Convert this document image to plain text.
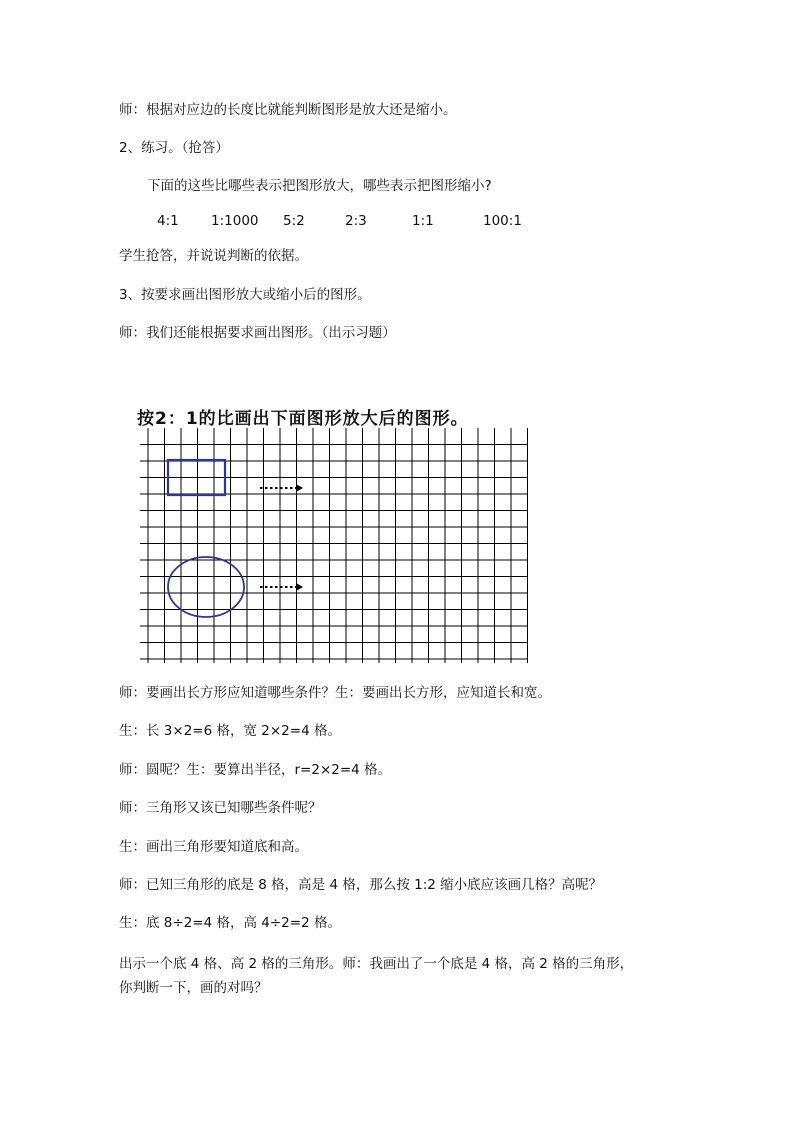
师：根据对应边的长度比就能判断图形是放大还是缩小。
2、练习。（抢答）
下面的这些比哪些表示把图形放大，哪些表示把图形缩小?
4:1 1:1000 5:2	2:3	1:1	100:1
学生抢答，并说说判断的依据。
3、按要求画出图形放大或缩小后的图形。
师：我们还能根据要求画出图形。（出示习题）
按2：1的比画出下面图形放大后的图形。
师：要画出长方形应知道哪些条件？生：要画出长方形，应知道长和宽。
生：长 3×2=6 格，宽 2×2=4 格。
师：圆呢？生：要算出半径，r=2×2=4 格。
师：三角形又该已知哪些条件呢？
生：画出三角形要知道底和高。
师：已知三角形的底是 8 格，高是 4 格，那么按 1:2 缩小底应该画几格？高呢？
生：底 8÷2=4 格，高 4÷2=2 格。
出示一个底 4 格、高 2 格的三角形。师：我画出了一个底是 4 格，高 2 格的三角形，
你判断一下，画的对吗？
